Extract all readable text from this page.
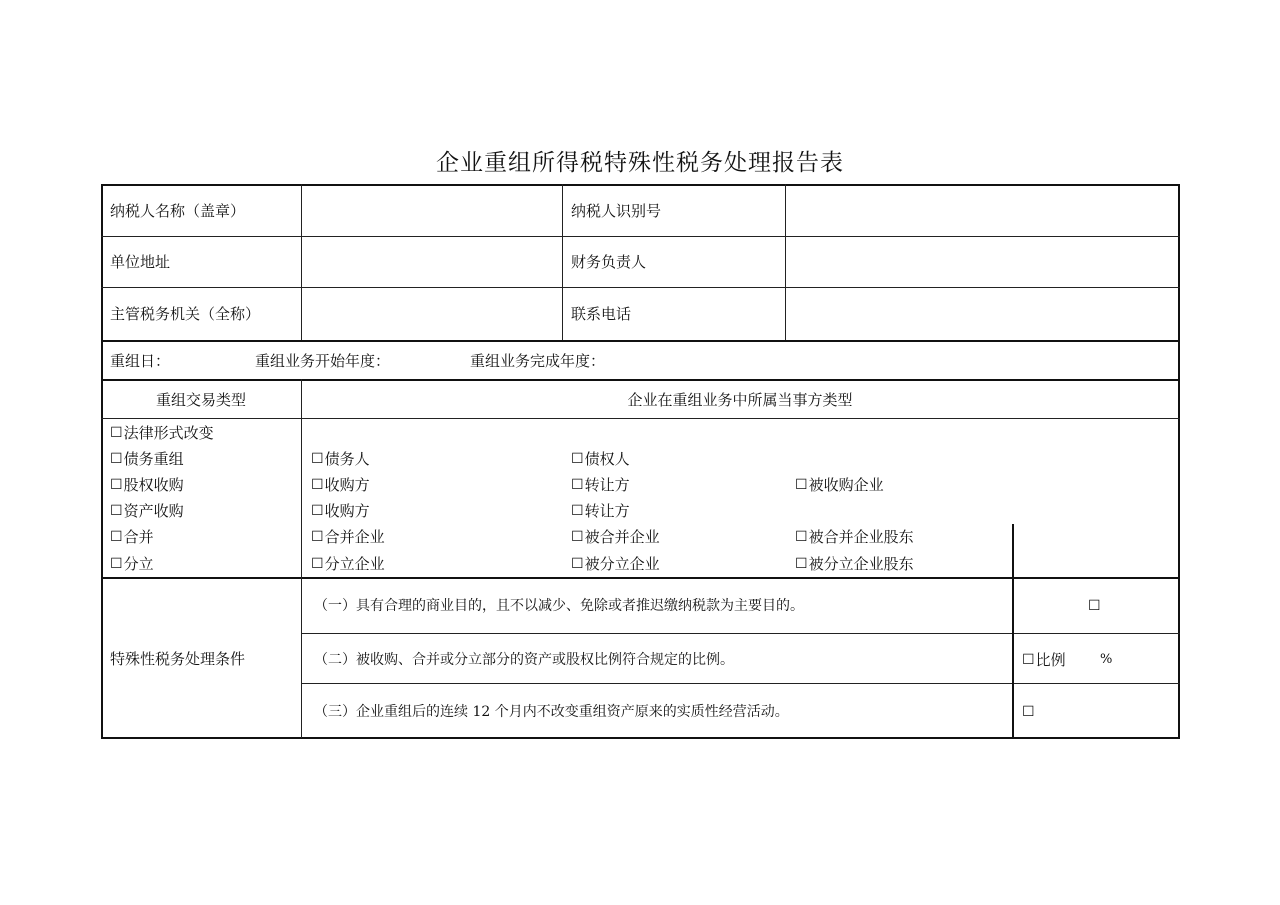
企业重组所得税特殊性税务处理报告表
纳税人名称（盖章）	纳税人识别号
单位地址	财务负责人
主管税务机关（全称）	联系电话
重组日：	重组业务开始年度：	重组业务完成年度：
重组交易类型	企业在重组业务中所属当事方类型
☐ 法律形式改变
☐ 债务重组	☐ 债务人	☐ 债权人
☐ 股权收购	☐ 收购方	☐ 转让方	☐ 被收购企业
☐ 资产收购	☐ 收购方	☐ 转让方
☐ 合并	☐ 合并企业	☐ 被合并企业	☐ 被合并企业股东
☐ 分立	☐ 分立企业	☐ 被分立企业	☐ 被分立企业股东
特殊性税务处理条件
（一）具有合理的商业目的，且不以减少、免除或者推迟缴纳税款为主要目的。	☐
（二）被收购、合并或分立部分的资产或股权比例符合规定的比例。	☐ 比例	%
（三）企业重组后的连续 12 个月内不改变重组资产原来的实质性经营活动。	☐
